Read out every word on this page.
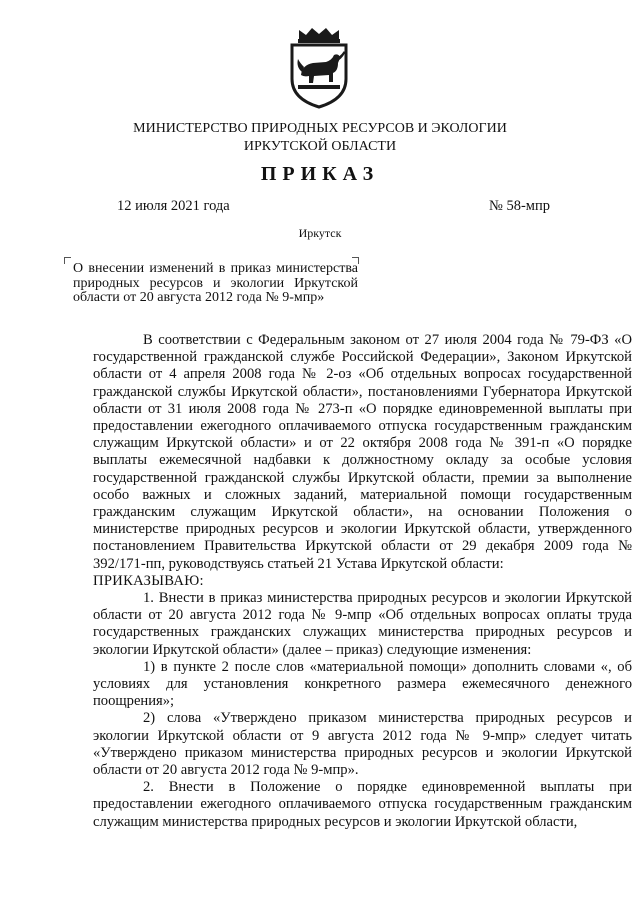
МИНИСТЕРСТВО ПРИРОДНЫХ РЕСУРСОВ И ЭКОЛОГИИ
ИРКУТСКОЙ ОБЛАСТИ
ПРИКАЗ
12 июля 2021 года	№ 58-мпр
Иркутск
О внесении изменений в приказ министерства природных ресурсов и экологии Иркутской области от 20 августа 2012 года № 9-мпр»

В соответствии с Федеральным законом от 27 июля 2004 года № 79-ФЗ «О государственной гражданской службе Российской Федерации», Законом Иркутской области от 4 апреля 2008 года № 2-оз «Об отдельных вопросах государственной гражданской службы Иркутской области», постановлениями Губернатора Иркутской области от 31 июля 2008 года № 273-п «О порядке единовременной выплаты при предоставлении ежегодного оплачиваемого отпуска государственным гражданским служащим Иркутской области» и от 22 октября 2008 года № 391-п «О порядке выплаты ежемесячной надбавки к должностному окладу за особые условия государственной гражданской службы Иркутской области, премии за выполнение особо важных и сложных заданий, материальной помощи государственным гражданским служащим Иркутской области», на основании Положения о министерстве природных ресурсов и экологии Иркутской области, утвержденного постановлением Правительства Иркутской области от 29 декабря 2009 года № 392/171-пп, руководствуясь статьей 21 Устава Иркутской области:

ПРИКАЗЫВАЮ:

1. Внести в приказ министерства природных ресурсов и экологии Иркутской области от 20 августа 2012 года № 9-мпр «Об отдельных вопросах оплаты труда государственных гражданских служащих министерства природных ресурсов и экологии Иркутской области» (далее – приказ) следующие изменения:

1) в пункте 2 после слов «материальной помощи» дополнить словами «, об условиях для установления конкретного размера ежемесячного денежного поощрения»;

2) слова «Утверждено приказом министерства природных ресурсов и экологии Иркутской области от 9 августа 2012 года № 9-мпр» следует читать «Утверждено приказом министерства природных ресурсов и экологии Иркутской области от 20 августа 2012 года № 9-мпр».

2. Внести в Положение о порядке единовременной выплаты при предоставлении ежегодного оплачиваемого отпуска государственным гражданским служащим министерства природных ресурсов и экологии Иркутской области,
